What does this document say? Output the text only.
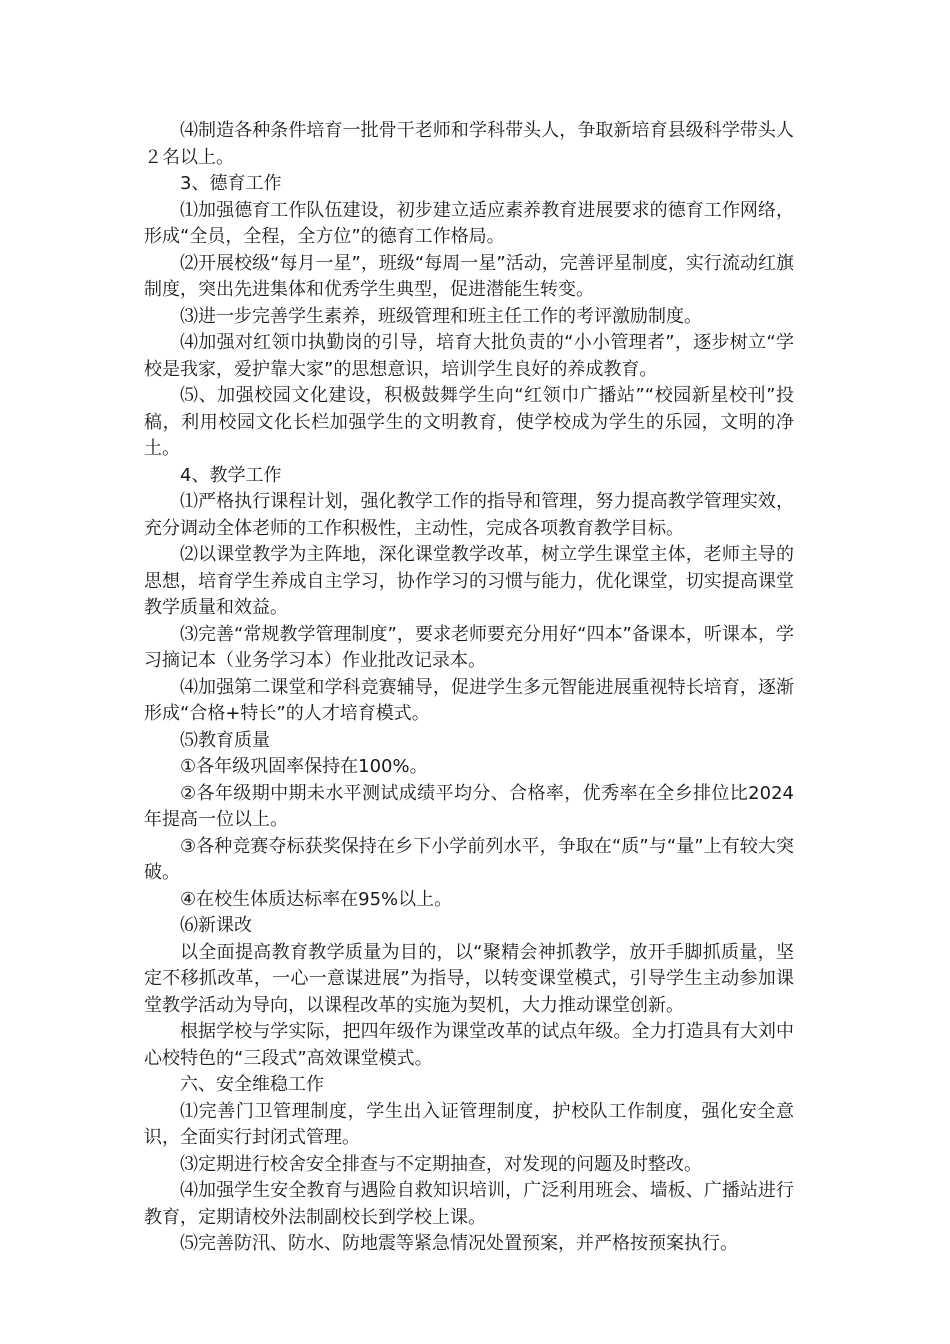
⑷制造各种条件培育一批骨干老师和学科带头人，争取新培育县级科学带头人２名以上。

3、德育工作

⑴加强德育工作队伍建设，初步建立适应素养教育进展要求的德育工作网络，形成“全员，全程，全方位”的德育工作格局。

⑵开展校级“每月一星”，班级“每周一星”活动，完善评星制度，实行流动红旗制度，突出先进集体和优秀学生典型，促进潜能生转变。

⑶进一步完善学生素养，班级管理和班主任工作的考评激励制度。

⑷加强对红领巾执勤岗的引导，培育大批负责的“小小管理者”，逐步树立“学校是我家，爱护靠大家”的思想意识，培训学生良好的养成教育。

⑸、加强校园文化建设，积极鼓舞学生向“红领巾广播站”“校园新星校刊”投稿，利用校园文化长栏加强学生的文明教育，使学校成为学生的乐园，文明的净土。

4、教学工作

⑴严格执行课程计划，强化教学工作的指导和管理，努力提高教学管理实效，充分调动全体老师的工作积极性，主动性，完成各项教育教学目标。

⑵以课堂教学为主阵地，深化课堂教学改革，树立学生课堂主体，老师主导的思想，培育学生养成自主学习，协作学习的习惯与能力，优化课堂，切实提高课堂教学质量和效益。

⑶完善“常规教学管理制度”，要求老师要充分用好“四本”备课本，听课本，学习摘记本（业务学习本）作业批改记录本。

⑷加强第二课堂和学科竞赛辅导，促进学生多元智能进展重视特长培育，逐渐形成“合格+特长”的人才培育模式。

⑸教育质量

①各年级巩固率保持在100%。

②各年级期中期未水平测试成绩平均分、合格率，优秀率在全乡排位比2024年提高一位以上。

③各种竞赛夺标获奖保持在乡下小学前列水平，争取在“质”与“量”上有较大突破。

④在校生体质达标率在95%以上。

⑹新课改

以全面提高教育教学质量为目的，以“聚精会神抓教学，放开手脚抓质量，坚定不移抓改革，一心一意谋进展”为指导，以转变课堂模式，引导学生主动参加课堂教学活动为导向，以课程改革的实施为契机，大力推动课堂创新。

根据学校与学实际，把四年级作为课堂改革的试点年级。全力打造具有大刘中心校特色的“三段式”高效课堂模式。

六、安全维稳工作

⑴完善门卫管理制度，学生出入证管理制度，护校队工作制度，强化安全意识，全面实行封闭式管理。

⑶定期进行校舍安全排查与不定期抽查，对发现的问题及时整改。

⑷加强学生安全教育与遇险自救知识培训，广泛利用班会、墙板、广播站进行教育，定期请校外法制副校长到学校上课。

⑸完善防汛、防水、防地震等紧急情况处置预案，并严格按预案执行。
